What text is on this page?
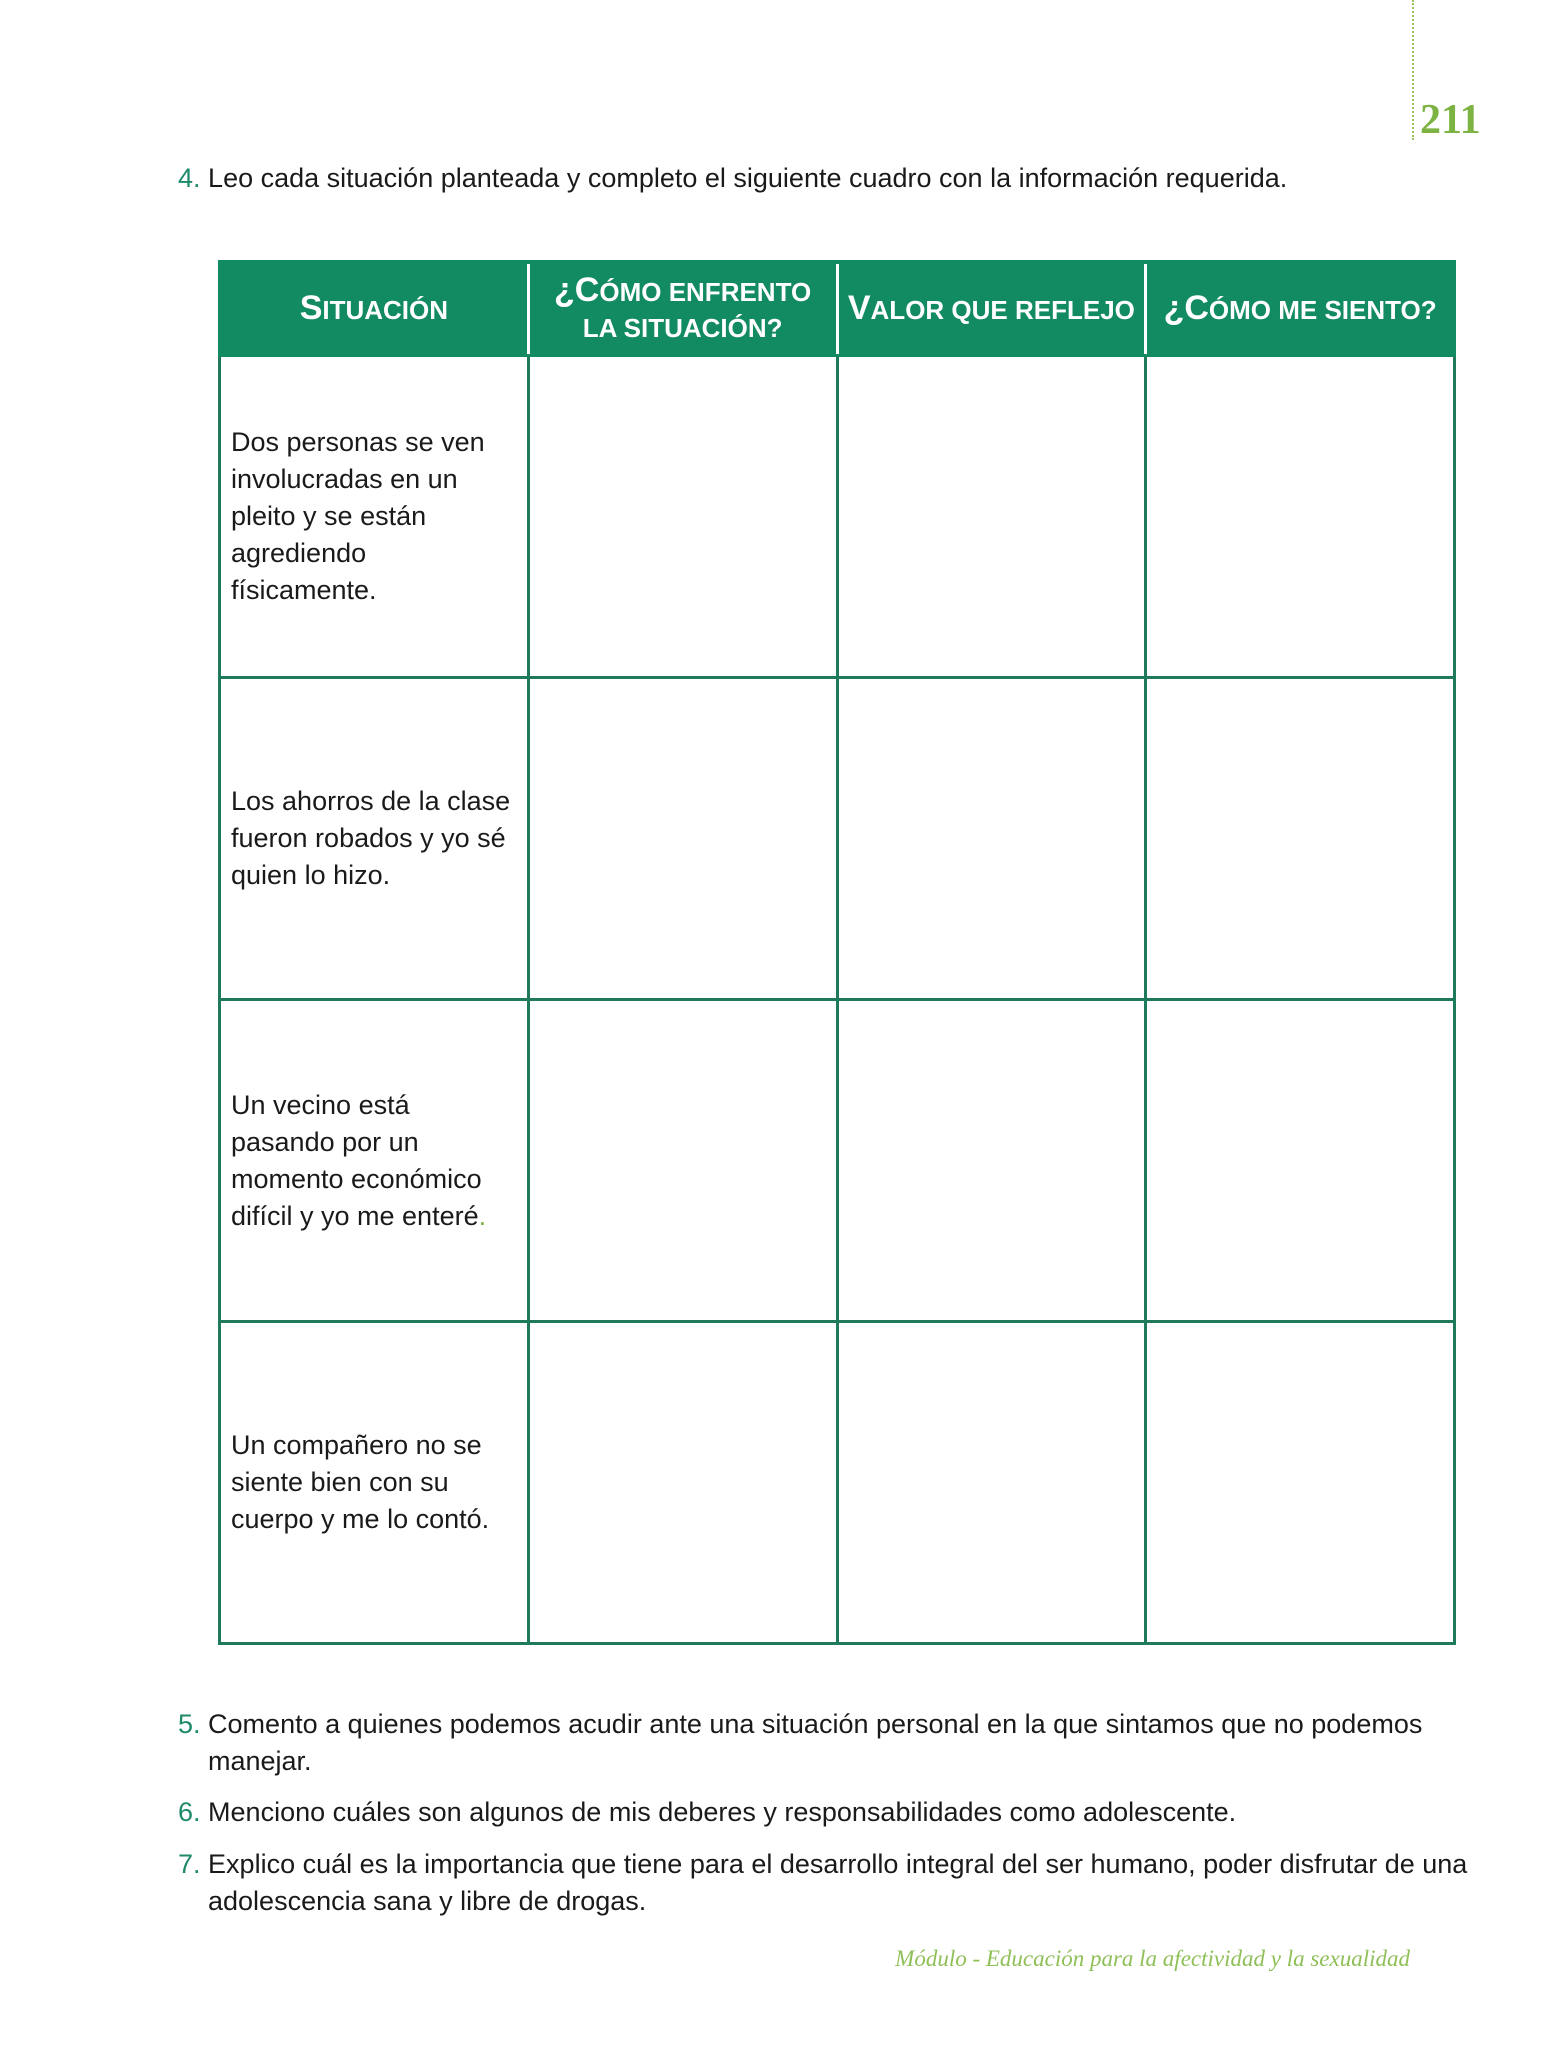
211
4. Leo cada situación planteada y completo el siguiente cuadro con la información requerida.
SITUACIÓN	¿CÓMO ENFRENTO LA SITUACIÓN?	VALOR QUE REFLEJO	¿CÓMO ME SIENTO?
Dos personas se ven involucradas en un pleito y se están agrediendo físicamente.			
Los ahorros de la clase fueron robados y yo sé quien lo hizo.			
Un vecino está pasando por un momento económico difícil y yo me enteré.			
Un compañero no se siente bien con su cuerpo y me lo contó.			
5. Comento a quienes podemos acudir ante una situación personal en la que sintamos que no podemos manejar.
6. Menciono cuáles son algunos de mis deberes y responsabilidades como adolescente.
7. Explico cuál es la importancia que tiene para el desarrollo integral del ser humano, poder disfrutar de una adolescencia sana y libre de drogas.
Módulo - Educación para la afectividad y la sexualidad
